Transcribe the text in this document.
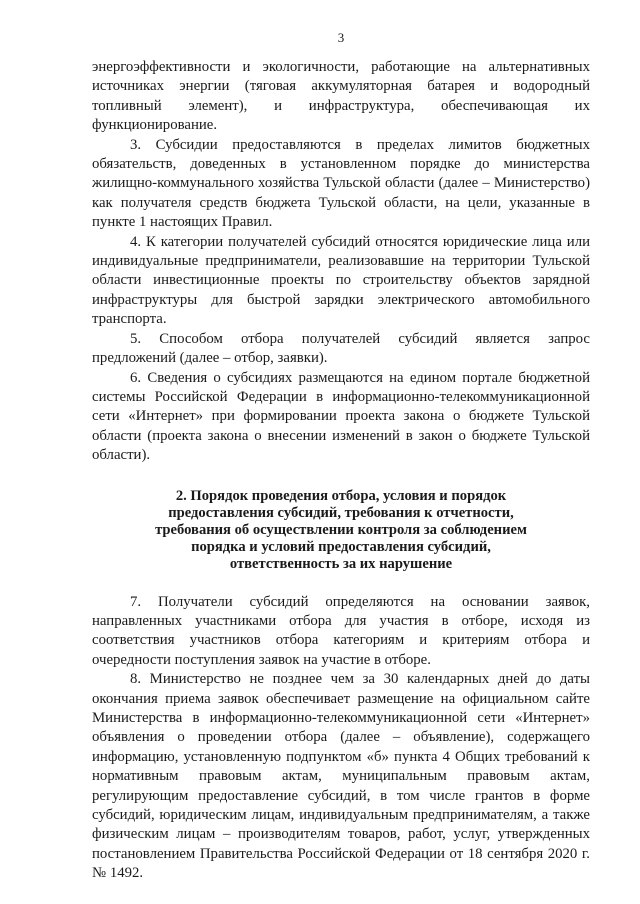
3

энергоэффективности и экологичности, работающие на альтернативных источниках энергии (тяговая аккумуляторная батарея и водородный топливный элемент), и инфраструктура, обеспечивающая их функционирование.

3. Субсидии предоставляются в пределах лимитов бюджетных обязательств, доведенных в установленном порядке до министерства жилищно-коммунального хозяйства Тульской области (далее – Министерство) как получателя средств бюджета Тульской области, на цели, указанные в пункте 1 настоящих Правил.

4. К категории получателей субсидий относятся юридические лица или индивидуальные предприниматели, реализовавшие на территории Тульской области инвестиционные проекты по строительству объектов зарядной инфраструктуры для быстрой зарядки электрического автомобильного транспорта.

5. Способом отбора получателей субсидий является запрос предложений (далее – отбор, заявки).

6. Сведения о субсидиях размещаются на едином портале бюджетной системы Российской Федерации в информационно-телекоммуникационной сети «Интернет» при формировании проекта закона о бюджете Тульской области (проекта закона о внесении изменений в закон о бюджете Тульской области).

2. Порядок проведения отбора, условия и порядок
предоставления субсидий, требования к отчетности,
требования об осуществлении контроля за соблюдением
порядка и условий предоставления субсидий,
ответственность за их нарушение

7. Получатели субсидий определяются на основании заявок, направленных участниками отбора для участия в отборе, исходя из соответствия участников отбора категориям и критериям отбора и очередности поступления заявок на участие в отборе.

8. Министерство не позднее чем за 30 календарных дней до даты окончания приема заявок обеспечивает размещение на официальном сайте Министерства в информационно-телекоммуникационной сети «Интернет» объявления о проведении отбора (далее – объявление), содержащего информацию, установленную подпунктом «б» пункта 4 Общих требований к нормативным правовым актам, муниципальным правовым актам, регулирующим предоставление субсидий, в том числе грантов в форме субсидий, юридическим лицам, индивидуальным предпринимателям, а также физическим лицам – производителям товаров, работ, услуг, утвержденных постановлением Правительства Российской Федерации от 18 сентября 2020 г. № 1492.
